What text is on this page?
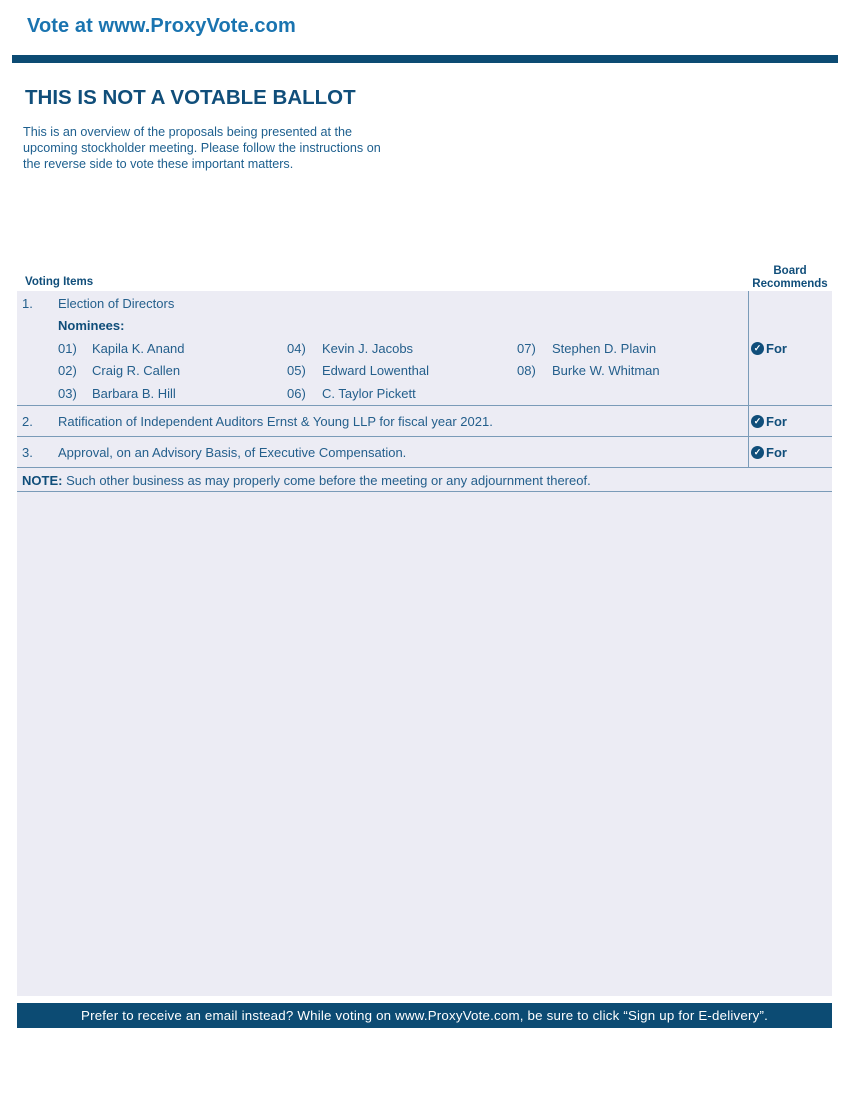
Vote at www.ProxyVote.com
THIS IS NOT A VOTABLE BALLOT
This is an overview of the proposals being presented at the
upcoming stockholder meeting. Please follow the instructions on
the reverse side to vote these important matters.
Voting Items
Board
Recommends
1. Election of Directors
Nominees:
01) Kapila K. Anand
02) Craig R. Callen
03) Barbara B. Hill
04) Kevin J. Jacobs
05) Edward Lowenthal
06) C. Taylor Pickett
07) Stephen D. Plavin
08) Burke W. Whitman
✓ For
2. Ratification of Independent Auditors Ernst & Young LLP for fiscal year 2021.	✓ For
3. Approval, on an Advisory Basis, of Executive Compensation.	✓ For
NOTE: Such other business as may properly come before the meeting or any adjournment thereof.
Prefer to receive an email instead? While voting on www.ProxyVote.com, be sure to click “Sign up for E-delivery”.
